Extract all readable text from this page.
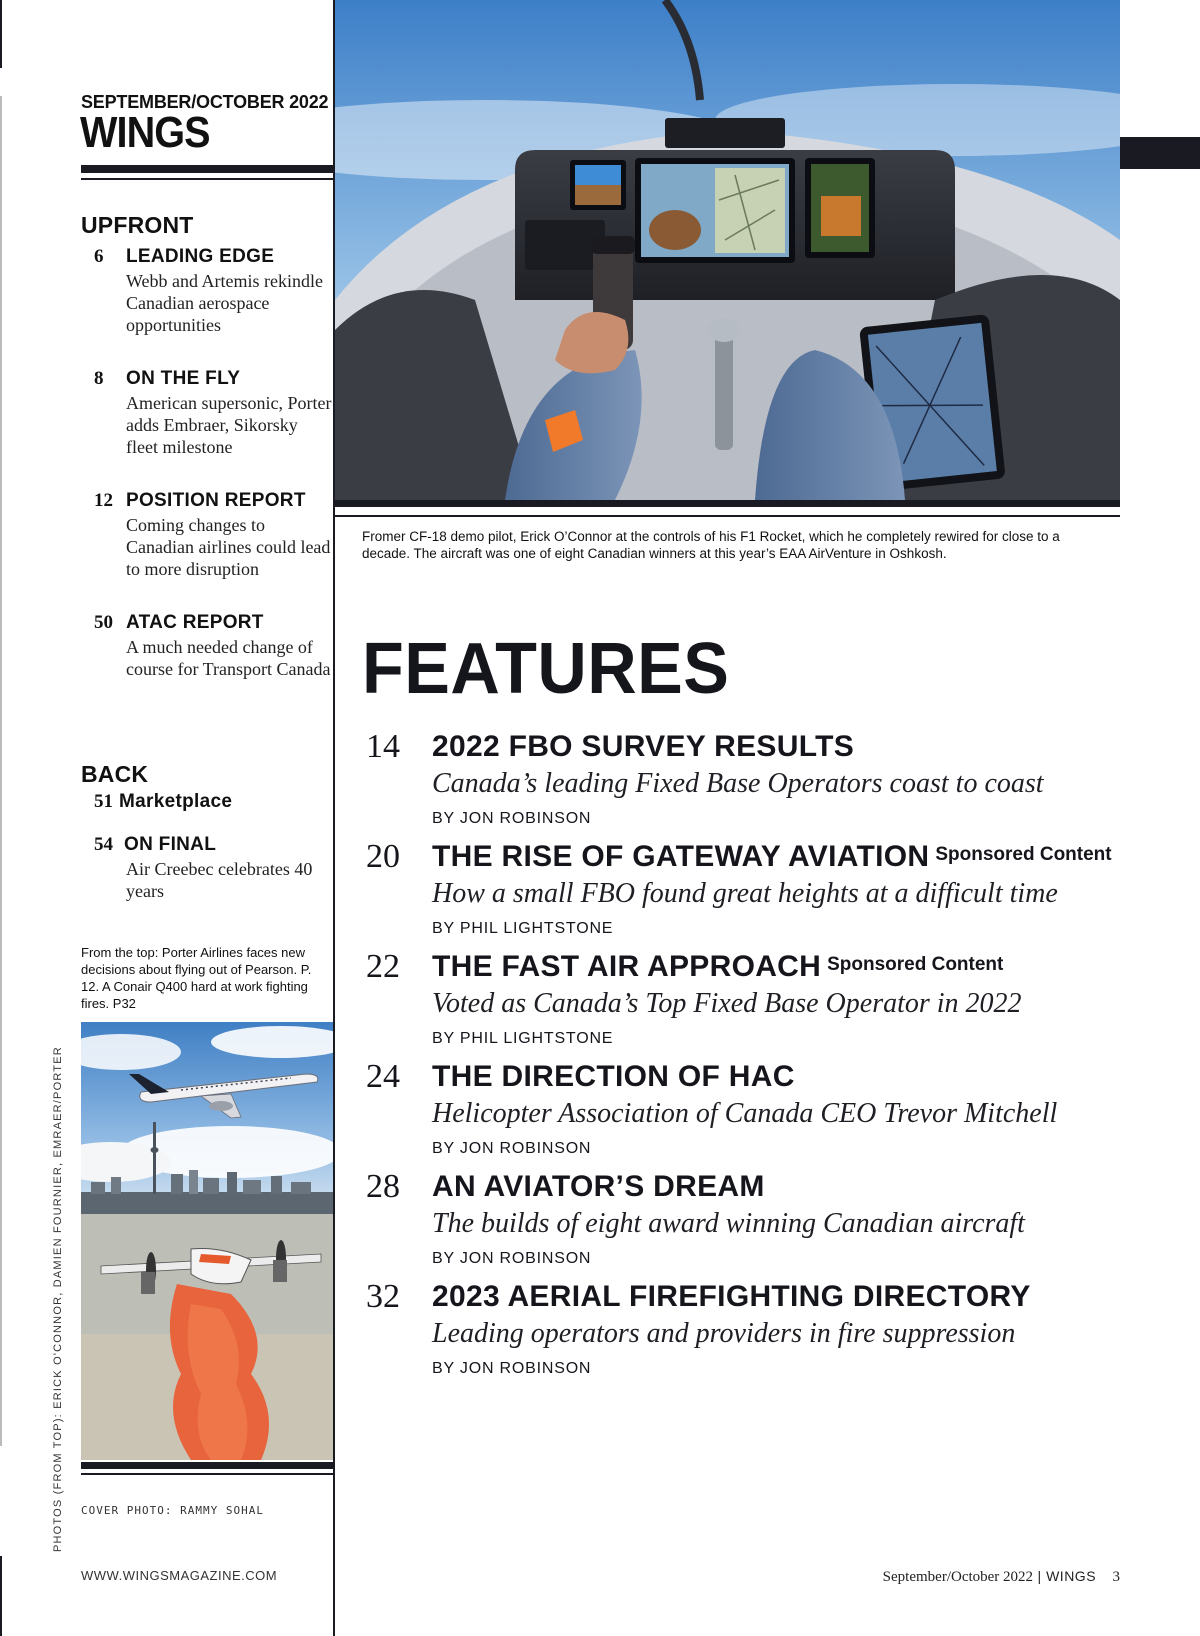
SEPTEMBER/OCTOBER 2022
WINGS
UPFRONT
6 LEADING EDGE
Webb and Artemis rekindle Canadian aerospace opportunities
8 ON THE FLY
American supersonic, Porter adds Embraer, Sikorsky fleet milestone
12 POSITION REPORT
Coming changes to Canadian airlines could lead to more disruption
50 ATAC REPORT
A much needed change of course for Transport Canada
BACK
51 Marketplace
54 ON FINAL
Air Creebec celebrates 40 years
From the top: Porter Airlines faces new decisions about flying out of Pearson. P. 12. A Conair Q400 hard at work fighting fires. P32
COVER PHOTO: RAMMY SOHAL
PHOTOS (FROM TOP): ERICK O'CONNOR, DAMIEN FOURNIER, EMRAER/PORTER
WWW.WINGSMAGAZINE.COM
Fromer CF-18 demo pilot, Erick O’Connor at the controls of his F1 Rocket, which he completely rewired for close to a decade. The aircraft was one of eight Canadian winners at this year’s EAA AirVenture in Oshkosh.
FEATURES
14 2022 FBO SURVEY RESULTS
Canada’s leading Fixed Base Operators coast to coast
BY JON ROBINSON
20 THE RISE OF GATEWAY AVIATION $^{Sponsored Content}$
How a small FBO found great heights at a difficult time
BY PHIL LIGHTSTONE
22 THE FAST AIR APPROACH $^{Sponsored Content}$
Voted as Canada’s Top Fixed Base Operator in 2022
BY PHIL LIGHTSTONE
24 THE DIRECTION OF HAC
Helicopter Association of Canada CEO Trevor Mitchell
BY JON ROBINSON
28 AN AVIATOR’S DREAM
The builds of eight award winning Canadian aircraft
BY JON ROBINSON
32 2023 AERIAL FIREFIGHTING DIRECTORY
Leading operators and providers in fire suppression
BY JON ROBINSON
September/October 2022 | WINGS 3
